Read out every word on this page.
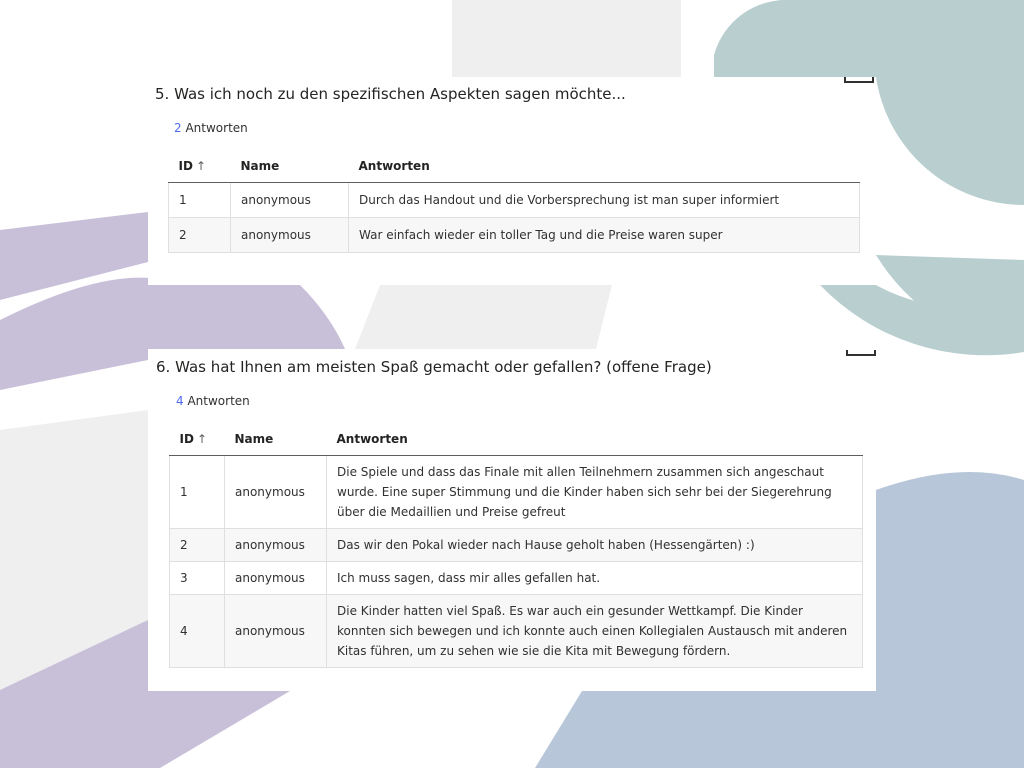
5. Was ich noch zu den spezifischen Aspekten sagen möchte...
2 Antworten
ID ↑	Name	Antworten
1	anonymous	Durch das Handout und die Vorbersprechung ist man super informiert
2	anonymous	War einfach wieder ein toller Tag und die Preise waren super
6. Was hat Ihnen am meisten Spaß gemacht oder gefallen? (offene Frage)
4 Antworten
ID ↑	Name	Antworten
1	anonymous	Die Spiele und dass das Finale mit allen Teilnehmern zusammen sich angeschaut wurde. Eine super Stimmung und die Kinder haben sich sehr bei der Siegerehrung über die Medaillien und Preise gefreut
2	anonymous	Das wir den Pokal wieder nach Hause geholt haben (Hessengärten) :)
3	anonymous	Ich muss sagen, dass mir alles gefallen hat.
4	anonymous	Die Kinder hatten viel Spaß. Es war auch ein gesunder Wettkampf. Die Kinder konnten sich bewegen und ich konnte auch einen Kollegialen Austausch mit anderen Kitas führen, um zu sehen wie sie die Kita mit Bewegung fördern.
